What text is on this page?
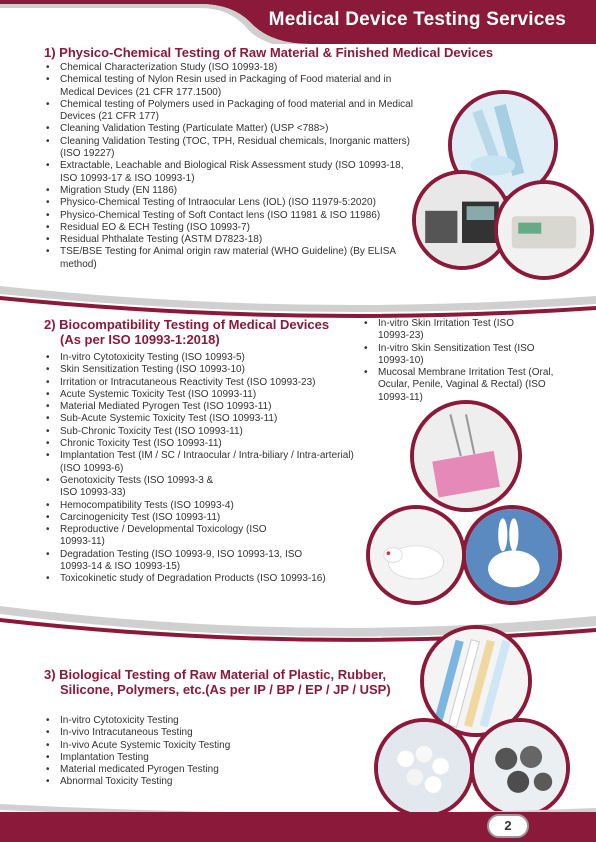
Medical Device Testing Services
1) Physico-Chemical Testing of Raw Material & Finished Medical Devices
• Chemical Characterization Study (ISO 10993-18)
• Chemical testing of Nylon Resin used in Packaging of Food material and in Medical Devices (21 CFR 177.1500)
• Chemical testing of Polymers used in Packaging of food material and in Medical Devices (21 CFR 177)
• Cleaning Validation Testing (Particulate Matter) (USP <788>)
• Cleaning Validation Testing (TOC, TPH, Residual chemicals, Inorganic matters) (ISO 19227)
• Extractable, Leachable and Biological Risk Assessment study (ISO 10993-18, ISO 10993-17 & ISO 10993-1)
• Migration Study (EN 1186)
• Physico-Chemical Testing of Intraocular Lens (IOL) (ISO 11979-5:2020)
• Physico-Chemical Testing of Soft Contact lens (ISO 11981 & ISO 11986)
• Residual EO & ECH Testing (ISO 10993-7)
• Residual Phthalate Testing (ASTM D7823-18)
• TSE/BSE Testing for Animal origin raw material (WHO Guideline) (By ELISA method)
2) Biocompatibility Testing of Medical Devices
(As per ISO 10993-1:2018)
• In-vitro Cytotoxicity Testing (ISO 10993-5)
• Skin Sensitization Testing (ISO 10993-10)
• Irritation or Intracutaneous Reactivity Test (ISO 10993-23)
• Acute Systemic Toxicity Test (ISO 10993-11)
• Material Mediated Pyrogen Test (ISO 10993-11)
• Sub-Acute Systemic Toxicity Test (ISO 10993-11)
• Sub-Chronic Toxicity Test (ISO 10993-11)
• Chronic Toxicity Test (ISO 10993-11)
• Implantation Test (IM / SC / Intraocular / Intra-biliary / Intra-arterial) (ISO 10993-6)
• Genotoxicity Tests (ISO 10993-3 & ISO 10993-33)
• Hemocompatibility Tests (ISO 10993-4)
• Carcinogenicity Test (ISO 10993-11)
• Reproductive / Developmental Toxicology (ISO 10993-11)
• Degradation Testing (ISO 10993-9, ISO 10993-13, ISO 10993-14 & ISO 10993-15)
• Toxicokinetic study of Degradation Products (ISO 10993-16)
• In-vitro Skin Irritation Test (ISO 10993-23)
• In-vitro Skin Sensitization Test (ISO 10993-10)
• Mucosal Membrane Irritation Test (Oral, Ocular, Penile, Vaginal & Rectal) (ISO 10993-11)
3) Biological Testing of Raw Material of Plastic, Rubber,
Silicone, Polymers, etc.(As per IP / BP / EP / JP / USP)
• In-vitro Cytotoxicity Testing
• In-vivo Intracutaneous Testing
• In-vivo Acute Systemic Toxicity Testing
• Implantation Testing
• Material medicated Pyrogen Testing
• Abnormal Toxicity Testing
2
